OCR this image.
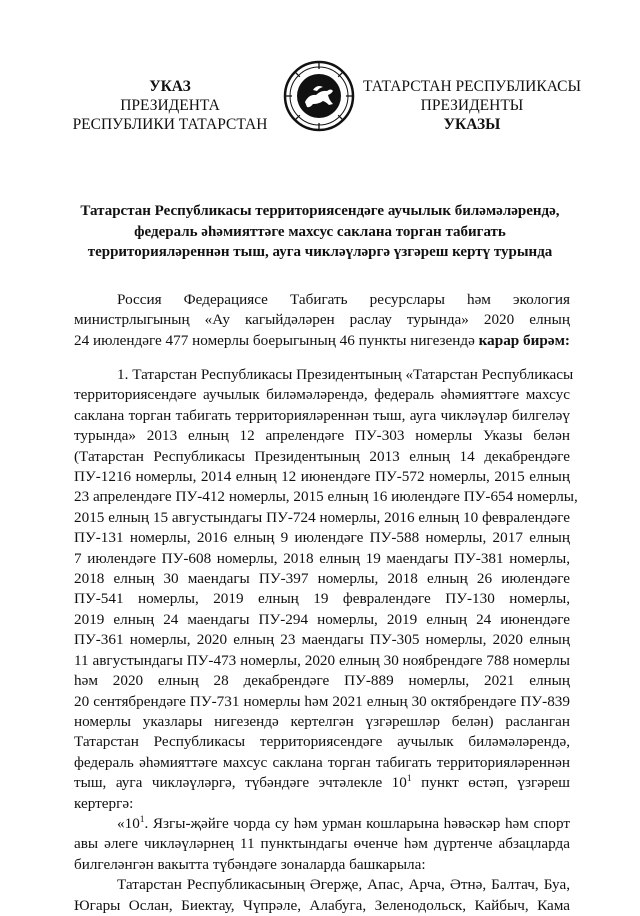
УКАЗ
ПРЕЗИДЕНТА
РЕСПУБЛИКИ ТАТАРСТАН
ТАТАРСТАН РЕСПУБЛИКАСЫ
ПРЕЗИДЕНТЫ
УКАЗЫ
Татарстан Республикасы территориясендәге аучылык биләмәләрендә,
федераль әһәмияттәге махсус саклана торган табигать
территорияләреннән тыш, ауга чикләүләргә үзгәреш кертү турында
Россия Федерациясе Табигать ресурслары һәм экология
министрлыгының «Ау кагыйдәләрен раслау турында» 2020 елның
24 июлендәге 477 номерлы боерыгының 46 пункты нигезендә карар бирәм:
1. Татарстан Республикасы Президентының «Татарстан Республикасы
территориясендәге аучылык биләмәләрендә, федераль әһәмияттәге махсус
саклана торган табигать территорияләреннән тыш, ауга чикләүләр билгеләү
турында» 2013 елның 12 апрелендәге ПУ-303 номерлы Указы белән
(Татарстан Республикасы Президентының 2013 елның 14 декабрендәге
ПУ-1216 номерлы, 2014 елның 12 июнендәге ПУ-572 номерлы, 2015 елның
23 апрелендәге ПУ-412 номерлы, 2015 елның 16 июлендәге ПУ-654 номерлы,
2015 елның 15 августындагы ПУ-724 номерлы, 2016 елның 10 февралендәге
ПУ-131 номерлы, 2016 елның 9 июлендәге ПУ-588 номерлы, 2017 елның
7 июлендәге ПУ-608 номерлы, 2018 елның 19 маендагы ПУ-381 номерлы,
2018 елның 30 маендагы ПУ-397 номерлы, 2018 елның 26 июлендәге
ПУ-541 номерлы, 2019 елның 19 февралендәге ПУ-130 номерлы,
2019 елның 24 маендагы ПУ-294 номерлы, 2019 елның 24 июнендәге
ПУ-361 номерлы, 2020 елның 23 маендагы ПУ-305 номерлы, 2020 елның
11 августындагы ПУ-473 номерлы, 2020 елның 30 ноябрендәге 788 номерлы
һәм 2020 елның 28 декабрендәге ПУ-889 номерлы, 2021 елның
20 сентябрендәге ПУ-731 номерлы һәм 2021 елның 30 октябрендәге ПУ-839
номерлы указлары нигезендә кертелгән үзгәрешләр белән) расланган
Татарстан Республикасы территориясендәге аучылык биләмәләрендә,
федераль әһәмияттәге махсус саклана торган табигать территорияләреннән
тыш, ауга чикләүләргә, түбәндәге эчтәлекле $10^1$ пункт өстәп, үзгәреш
кертергә:
«$10^1$. Язгы-җәйге чорда су һәм урман кошларына һәвәскәр һәм спорт
авы әлеге чикләүләрнең 11 пунктындагы өченче һәм дүртенче абзацларда
билгеләнгән вакытта түбәндәге зоналарда башкарыла:
Татарстан Республикасының Әгерҗе, Апас, Арча, Әтнә, Балтач, Буа,
Югары Ослан, Биектау, Чүпрәле, Алабуга, Зеленодольск, Кайбыч, Кама
